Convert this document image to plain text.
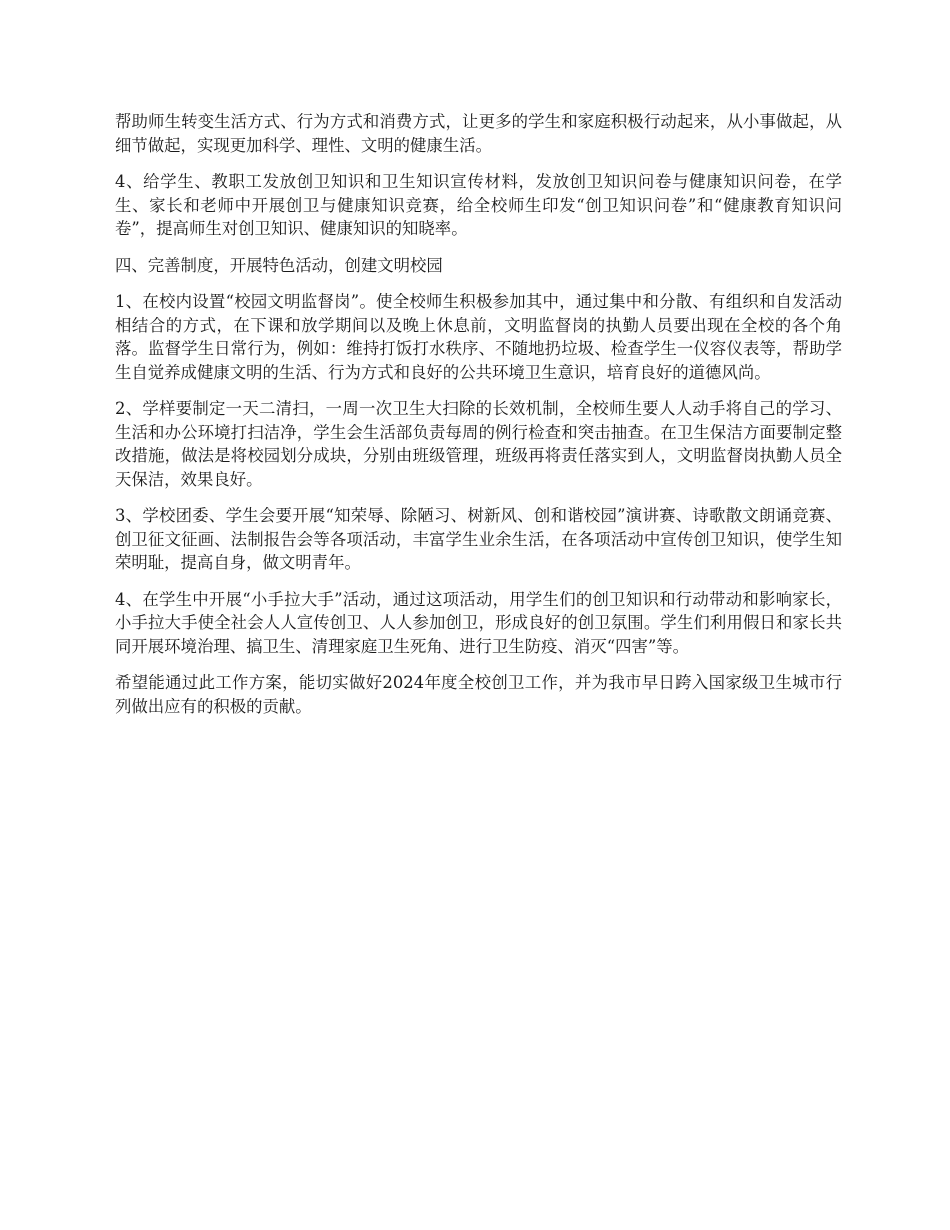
帮助师生转变生活方式、行为方式和消费方式，让更多的学生和家庭积极行动起来，从小事做起，从细节做起，实现更加科学、理性、文明的健康生活。

4、给学生、教职工发放创卫知识和卫生知识宣传材料，发放创卫知识问卷与健康知识问卷，在学生、家长和老师中开展创卫与健康知识竞赛，给全校师生印发“创卫知识问卷”和“健康教育知识问卷”，提高师生对创卫知识、健康知识的知晓率。

四、完善制度，开展特色活动，创建文明校园

1、在校内设置“校园文明监督岗”。使全校师生积极参加其中，通过集中和分散、有组织和自发活动相结合的方式，在下课和放学期间以及晚上休息前，文明监督岗的执勤人员要出现在全校的各个角落。监督学生日常行为，例如：维持打饭打水秩序、不随地扔垃圾、检查学生一仪容仪表等，帮助学生自觉养成健康文明的生活、行为方式和良好的公共环境卫生意识，培育良好的道德风尚。

2、学样要制定一天二清扫，一周一次卫生大扫除的长效机制，全校师生要人人动手将自己的学习、生活和办公环境打扫洁净，学生会生活部负责每周的例行检查和突击抽查。在卫生保洁方面要制定整改措施，做法是将校园划分成块，分别由班级管理，班级再将责任落实到人，文明监督岗执勤人员全天保洁，效果良好。

3、学校团委、学生会要开展“知荣辱、除陋习、树新风、创和谐校园”演讲赛、诗歌散文朗诵竞赛、创卫征文征画、法制报告会等各项活动，丰富学生业余生活，在各项活动中宣传创卫知识，使学生知荣明耻，提高自身，做文明青年。

4、在学生中开展“小手拉大手”活动，通过这项活动，用学生们的创卫知识和行动带动和影响家长，小手拉大手使全社会人人宣传创卫、人人参加创卫，形成良好的创卫氛围。学生们利用假日和家长共同开展环境治理、搞卫生、清理家庭卫生死角、进行卫生防疫、消灭“四害”等。

希望能通过此工作方案，能切实做好2024年度全校创卫工作，并为我市早日跨入国家级卫生城市行列做出应有的积极的贡献。
